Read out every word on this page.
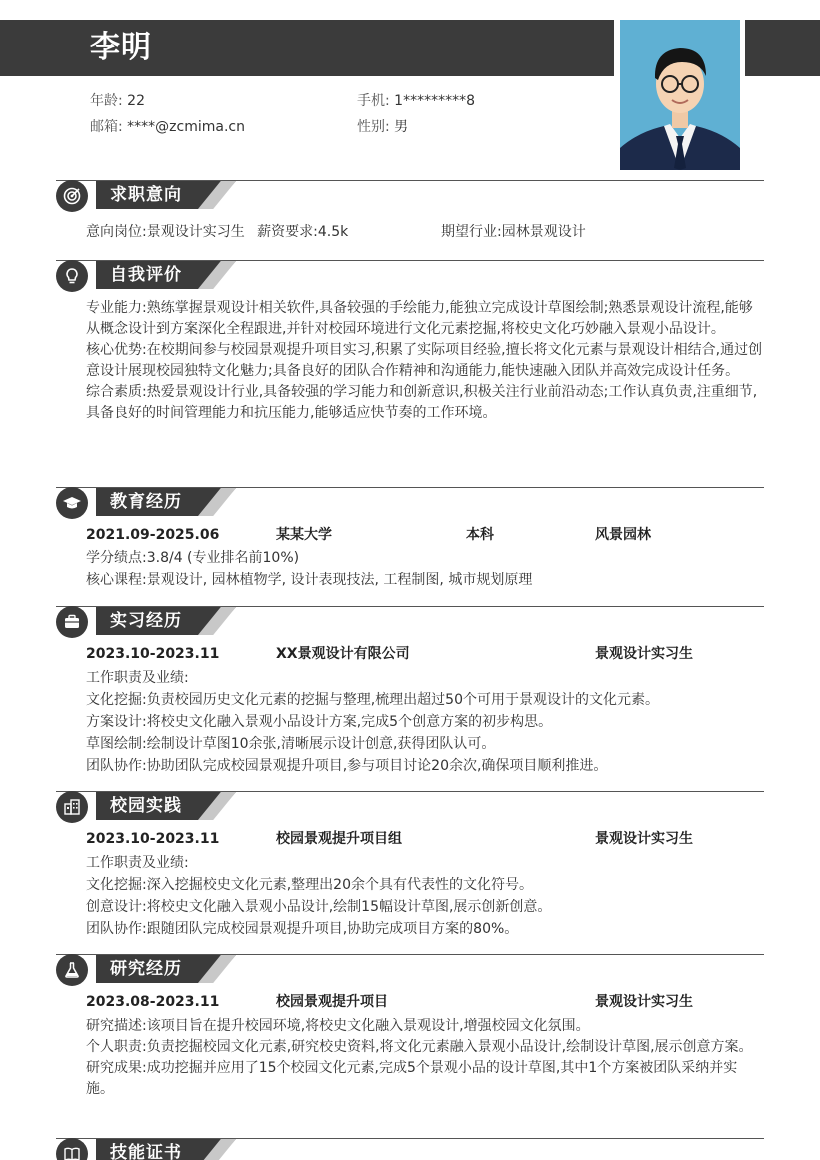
李明
年龄: 22	手机: 1*********8
邮箱: ****@zcmima.cn	性别: 男
求职意向
意向岗位:景观设计实习生 薪资要求:4.5k	期望行业:园林景观设计
自我评价
专业能力:熟练掌握景观设计相关软件,具备较强的手绘能力,能独立完成设计草图绘制;熟悉景观设计流程,能够从概念设计到方案深化全程跟进,并针对校园环境进行文化元素挖掘,将校史文化巧妙融入景观小品设计。
核心优势:在校期间参与校园景观提升项目实习,积累了实际项目经验,擅长将文化元素与景观设计相结合,通过创意设计展现校园独特文化魅力;具备良好的团队合作精神和沟通能力,能快速融入团队并高效完成设计任务。
综合素质:热爱景观设计行业,具备较强的学习能力和创新意识,积极关注行业前沿动态;工作认真负责,注重细节,具备良好的时间管理能力和抗压能力,能够适应快节奏的工作环境。
教育经历
2021.09-2025.06	某某大学	本科	风景园林
学分绩点:3.8/4 (专业排名前10%)
核心课程:景观设计, 园林植物学, 设计表现技法, 工程制图, 城市规划原理
实习经历
2023.10-2023.11	XX景观设计有限公司	景观设计实习生
工作职责及业绩:
文化挖掘:负责校园历史文化元素的挖掘与整理,梳理出超过50个可用于景观设计的文化元素。
方案设计:将校史文化融入景观小品设计方案,完成5个创意方案的初步构思。
草图绘制:绘制设计草图10余张,清晰展示设计创意,获得团队认可。
团队协作:协助团队完成校园景观提升项目,参与项目讨论20余次,确保项目顺利推进。
校园实践
2023.10-2023.11	校园景观提升项目组	景观设计实习生
工作职责及业绩:
文化挖掘:深入挖掘校史文化元素,整理出20余个具有代表性的文化符号。
创意设计:将校史文化融入景观小品设计,绘制15幅设计草图,展示创新创意。
团队协作:跟随团队完成校园景观提升项目,协助完成项目方案的80%。
研究经历
2023.08-2023.11	校园景观提升项目	景观设计实习生
研究描述:该项目旨在提升校园环境,将校史文化融入景观设计,增强校园文化氛围。
个人职责:负责挖掘校园文化元素,研究校史资料,将文化元素融入景观小品设计,绘制设计草图,展示创意方案。
研究成果:成功挖掘并应用了15个校园文化元素,完成5个景观小品的设计草图,其中1个方案被团队采纳并实施。
技能证书
